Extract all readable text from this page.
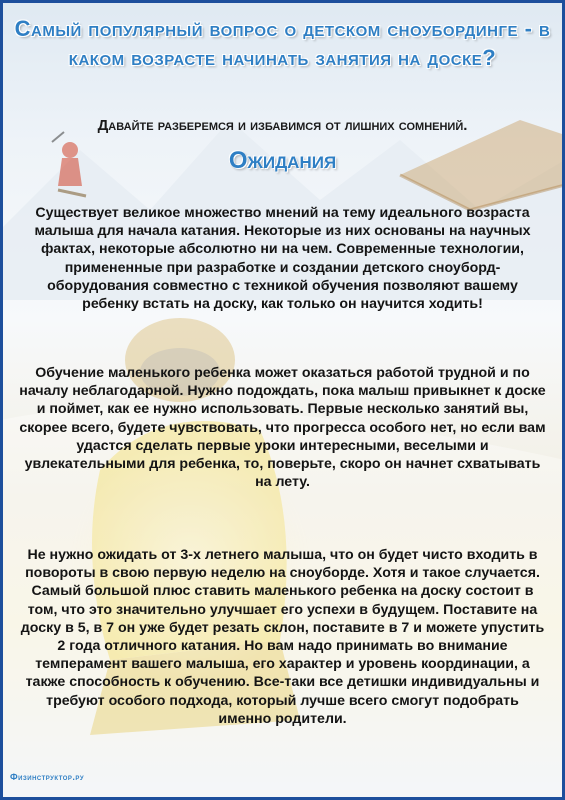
Самый популярный вопрос о детском сноубординге - в каком возрасте начинать занятия на доске?
Давайте разберемся и избавимся от лишних сомнений.
Ожидания

Существует великое множество мнений на тему идеального возраста малыша для начала катания. Некоторые из них основаны на научных фактах, некоторые абсолютно ни на чем. Современные технологии, примененные при разработке и создании детского сноуборд- оборудования совместно с техникой обучения позволяют вашему ребенку встать на доску, как только он научится ходить!

Обучение маленького ребенка может оказаться работой трудной и по началу неблагодарной. Нужно подождать, пока малыш привыкнет к доске и поймет, как ее нужно использовать. Первые несколько занятий вы, скорее всего, будете чувствовать, что прогресса особого нет, но если вам удастся сделать первые уроки интересными, веселыми и увлекательными для ребенка, то, поверьте, скоро он начнет схватывать на лету.

Не нужно ожидать от 3-х летнего малыша, что он будет чисто входить в повороты в свою первую неделю на сноуборде. Хотя и такое случается. Самый большой плюс ставить маленького ребенка на доску состоит в том, что это значительно улучшает его успехи в будущем. Поставите на доску в 5, в 7 он уже будет резать склон, поставите в 7 и можете упустить 2 года отличного катания. Но вам надо принимать во внимание темперамент вашего малыша, его характер и уровень координации, а также способность к обучению. Все-таки все детишки индивидуальны и требуют особого подхода, который лучше всего смогут подобрать именно родители.

Физинструктор.ру
